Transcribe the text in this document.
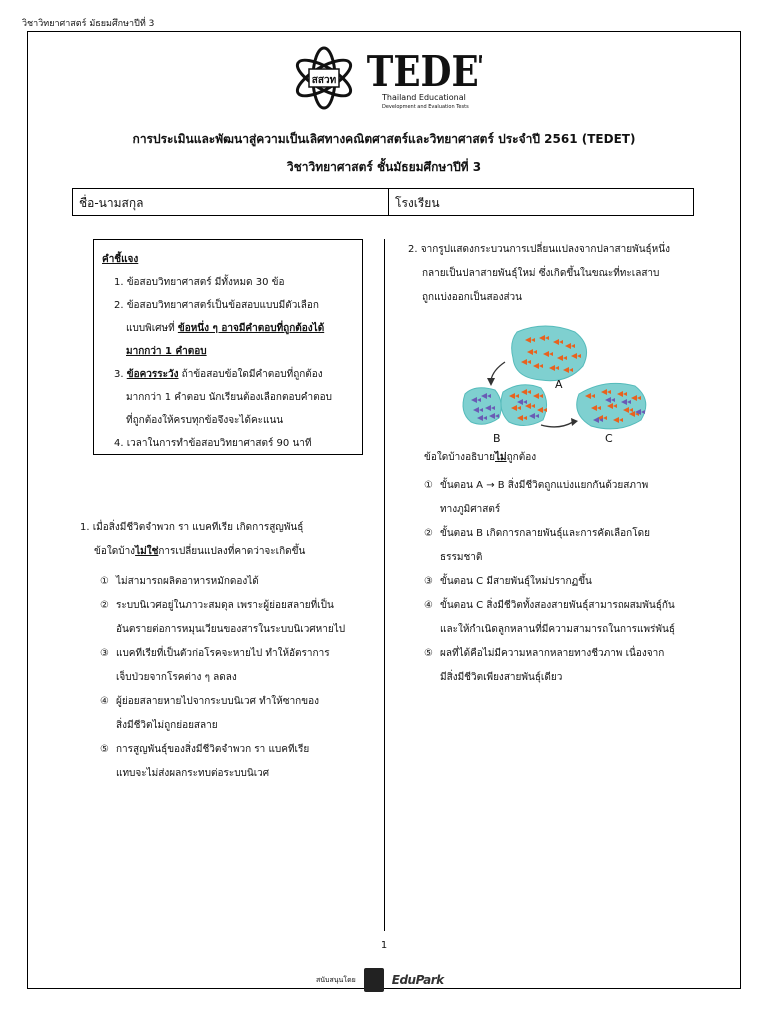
วิชาวิทยาศาสตร์ มัธยมศึกษาปีที่ 3
สสวท TEDE
Thailand Educational
Development and Evaluation Tests
การประเมินและพัฒนาสู่ความเป็นเลิศทางคณิตศาสตร์และวิทยาศาสตร์ ประจำปี 2561 (TEDET)
วิชาวิทยาศาสตร์ ชั้นมัธยมศึกษาปีที่ 3
ชื่อ-นามสกุล	โรงเรียน
คำชี้แจง
1. ข้อสอบวิทยาศาสตร์ มีทั้งหมด 30 ข้อ
2. ข้อสอบวิทยาศาสตร์เป็นข้อสอบแบบมีตัวเลือก
แบบพิเศษที่ ข้อหนึ่ง ๆ อาจมีคำตอบที่ถูกต้องได้
มากกว่า 1 คำตอบ
3. ข้อควรระวัง ถ้าข้อสอบข้อใดมีคำตอบที่ถูกต้อง
มากกว่า 1 คำตอบ นักเรียนต้องเลือกตอบคำตอบ
ที่ถูกต้องให้ครบทุกข้อจึงจะได้คะแนน
4. เวลาในการทำข้อสอบวิทยาศาสตร์ 90 นาที
1. เมื่อสิ่งมีชีวิตจำพวก รา แบคทีเรีย เกิดการสูญพันธุ์
ข้อใดบ้างไม่ใช่การเปลี่ยนแปลงที่คาดว่าจะเกิดขึ้น
① ไม่สามารถผลิตอาหารหมักดองได้
② ระบบนิเวศอยู่ในภาวะสมดุล เพราะผู้ย่อยสลายที่เป็น
อันตรายต่อการหมุนเวียนของสารในระบบนิเวศหายไป
③ แบคทีเรียที่เป็นตัวก่อโรคจะหายไป ทำให้อัตราการ
เจ็บป่วยจากโรคต่าง ๆ ลดลง
④ ผู้ย่อยสลายหายไปจากระบบนิเวศ ทำให้ซากของ
สิ่งมีชีวิตไม่ถูกย่อยสลาย
⑤ การสูญพันธุ์ของสิ่งมีชีวิตจำพวก รา แบคทีเรีย
แทบจะไม่ส่งผลกระทบต่อระบบนิเวศ
2. จากรูปแสดงกระบวนการเปลี่ยนแปลงจากปลาสายพันธุ์หนึ่ง
กลายเป็นปลาสายพันธุ์ใหม่ ซึ่งเกิดขึ้นในขณะที่ทะเลสาบ
ถูกแบ่งออกเป็นสองส่วน
ข้อใดบ้างอธิบายไม่ถูกต้อง
① ขั้นตอน A → B สิ่งมีชีวิตถูกแบ่งแยกกันด้วยสภาพ
ทางภูมิศาสตร์
② ขั้นตอน B เกิดการกลายพันธุ์และการคัดเลือกโดย
ธรรมชาติ
③ ขั้นตอน C มีสายพันธุ์ใหม่ปรากฏขึ้น
④ ขั้นตอน C สิ่งมีชีวิตทั้งสองสายพันธุ์สามารถผสมพันธุ์กัน
และให้กำเนิดลูกหลานที่มีความสามารถในการแพร่พันธุ์
⑤ ผลที่ได้คือไม่มีความหลากหลายทางชีวภาพ เนื่องจาก
มีสิ่งมีชีวิตเพียงสายพันธุ์เดียว
A
B	C
1
สนับสนุนโดย	EduPark
